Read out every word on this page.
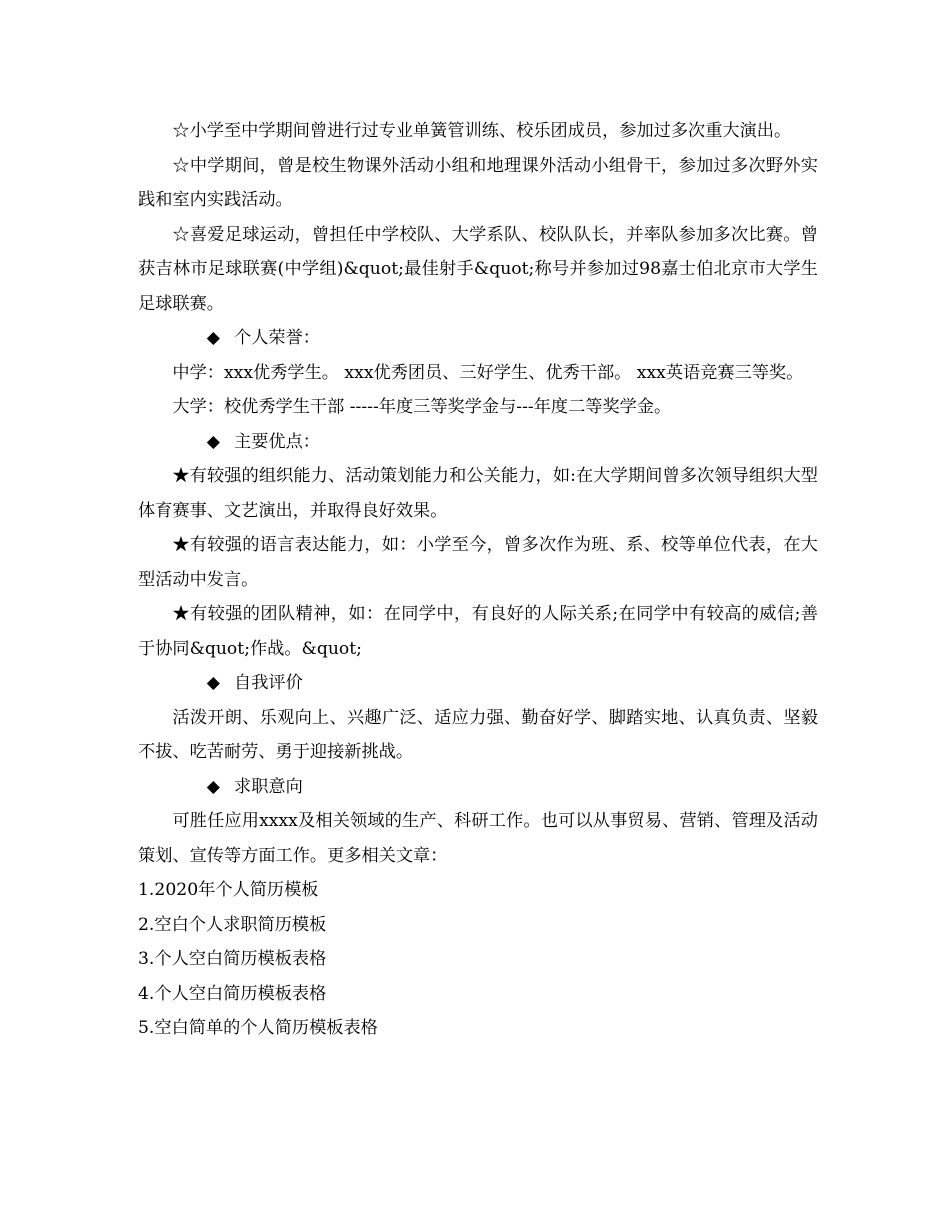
☆小学至中学期间曾进行过专业单簧管训练、校乐团成员，参加过多次重大演出。

☆中学期间，曾是校生物课外活动小组和地理课外活动小组骨干，参加过多次野外实践和室内实践活动。

☆喜爱足球运动，曾担任中学校队、大学系队、校队队长，并率队参加多次比赛。曾获吉林市足球联赛(中学组)&quot;最佳射手&quot;称号并参加过98嘉士伯北京市大学生足球联赛。

◆ 个人荣誉：

中学：xxx优秀学生。 xxx优秀团员、三好学生、优秀干部。 xxx英语竞赛三等奖。

大学：校优秀学生干部 -----年度三等奖学金与---年度二等奖学金。

◆ 主要优点：

★有较强的组织能力、活动策划能力和公关能力，如:在大学期间曾多次领导组织大型体育赛事、文艺演出，并取得良好效果。

★有较强的语言表达能力，如：小学至今，曾多次作为班、系、校等单位代表，在大型活动中发言。

★有较强的团队精神，如：在同学中，有良好的人际关系;在同学中有较高的威信;善于协同&quot;作战。&quot;

◆ 自我评价

活泼开朗、乐观向上、兴趣广泛、适应力强、勤奋好学、脚踏实地、认真负责、坚毅不拔、吃苦耐劳、勇于迎接新挑战。

◆ 求职意向

可胜任应用xxxx及相关领域的生产、科研工作。也可以从事贸易、营销、管理及活动策划、宣传等方面工作。更多相关文章：

1.2020年个人简历模板
2.空白个人求职简历模板
3.个人空白简历模板表格
4.个人空白简历模板表格
5.空白简单的个人简历模板表格
